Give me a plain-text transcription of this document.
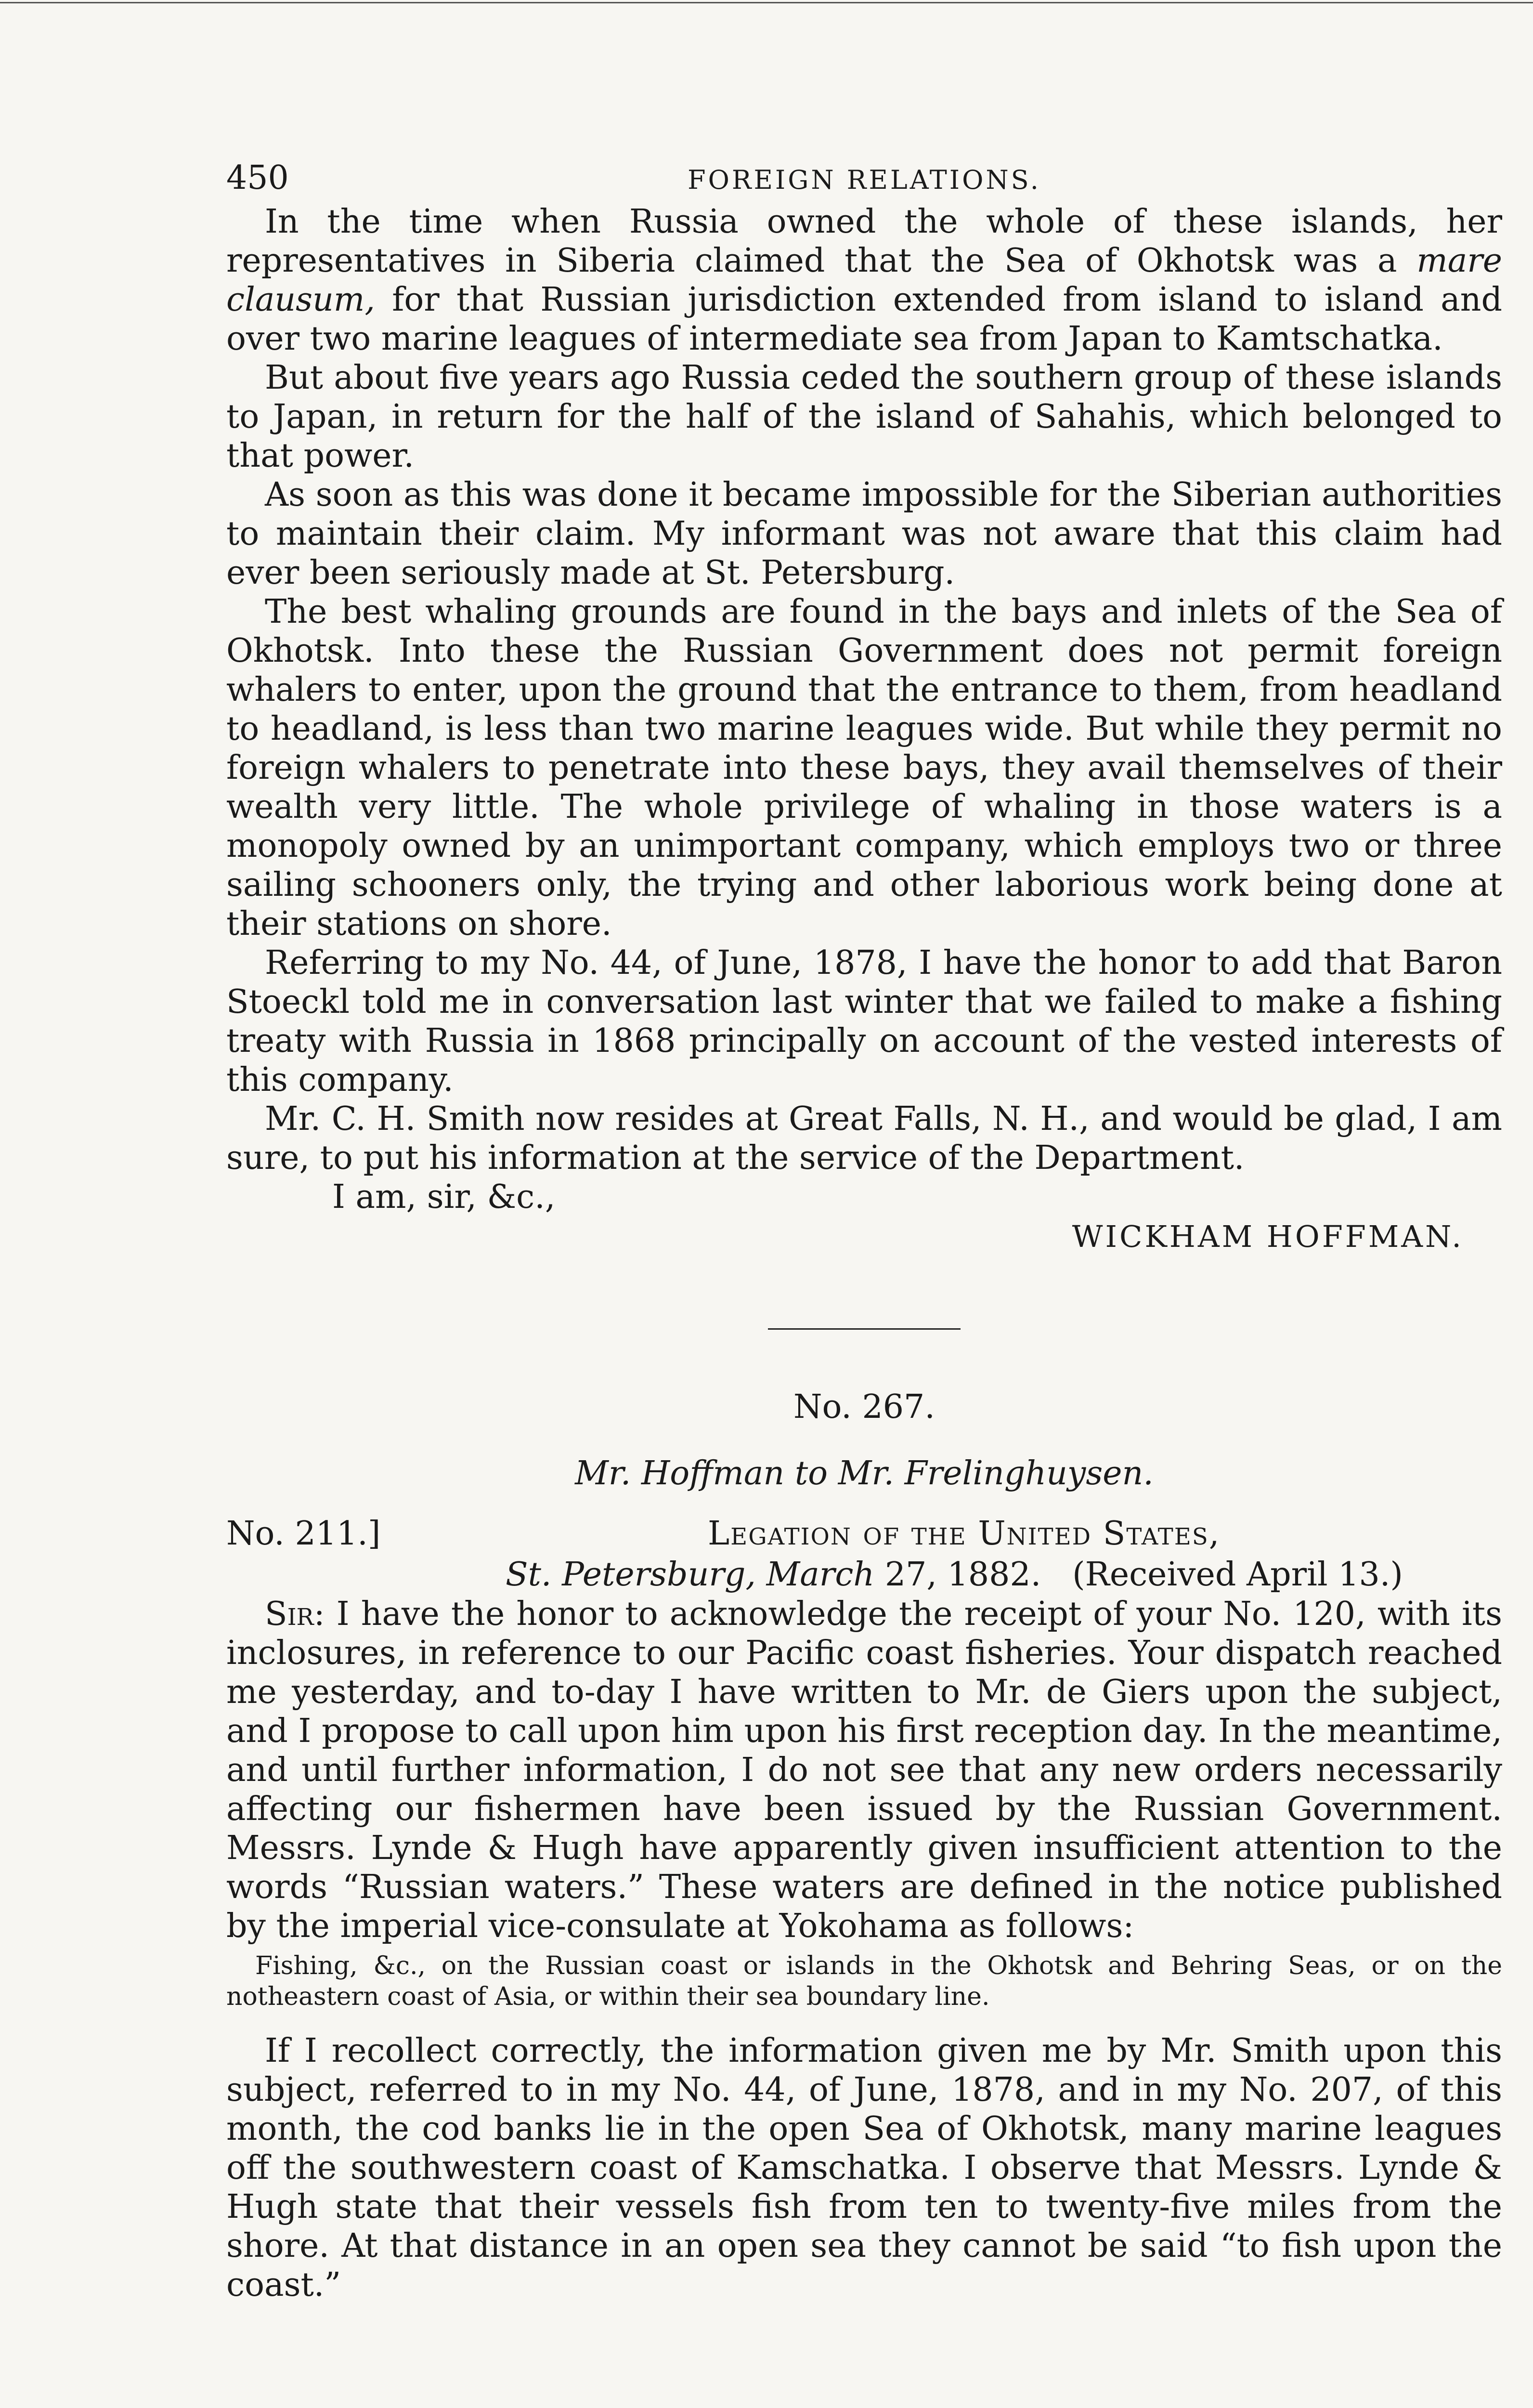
450	FOREIGN RELATIONS.

In the time when Russia owned the whole of these islands, her representatives in Siberia claimed that the Sea of Okhotsk was a mare clausum, for that Russian jurisdiction extended from island to island and over two marine leagues of intermediate sea from Japan to Kamtschatka.

But about five years ago Russia ceded the southern group of these islands to Japan, in return for the half of the island of Sahahis, which belonged to that power.

As soon as this was done it became impossible for the Siberian authorities to maintain their claim. My informant was not aware that this claim had ever been seriously made at St. Petersburg.

The best whaling grounds are found in the bays and inlets of the Sea of Okhotsk. Into these the Russian Government does not permit foreign whalers to enter, upon the ground that the entrance to them, from headland to headland, is less than two marine leagues wide. But while they permit no foreign whalers to penetrate into these bays, they avail themselves of their wealth very little. The whole privilege of whaling in those waters is a monopoly owned by an unimportant company, which employs two or three sailing schooners only, the trying and other laborious work being done at their stations on shore.

Referring to my No. 44, of June, 1878, I have the honor to add that Baron Stoeckl told me in conversation last winter that we failed to make a fishing treaty with Russia in 1868 principally on account of the vested interests of this company.

Mr. C. H. Smith now resides at Great Falls, N. H., and would be glad, I am sure, to put his information at the service of the Department.

I am, sir, &c.,

WICKHAM HOFFMAN.
No. 267.
Mr. Hoffman to Mr. Frelinghuysen.
No. 211.]	Legation of the United States,
St. Petersburg, March 27, 1882. (Received April 13.)

Sir: I have the honor to acknowledge the receipt of your No. 120, with its inclosures, in reference to our Pacific coast fisheries. Your dispatch reached me yesterday, and to-day I have written to Mr. de Giers upon the subject, and I propose to call upon him upon his first reception day. In the meantime, and until further information, I do not see that any new orders necessarily affecting our fishermen have been issued by the Russian Government. Messrs. Lynde & Hugh have apparently given insufficient attention to the words “Russian waters.” These waters are defined in the notice published by the imperial vice-consulate at Yokohama as follows:

Fishing, &c., on the Russian coast or islands in the Okhotsk and Behring Seas, or on the notheastern coast of Asia, or within their sea boundary line.

If I recollect correctly, the information given me by Mr. Smith upon this subject, referred to in my No. 44, of June, 1878, and in my No. 207, of this month, the cod banks lie in the open Sea of Okhotsk, many marine leagues off the southwestern coast of Kamschatka. I observe that Messrs. Lynde & Hugh state that their vessels fish from ten to twenty-five miles from the shore. At that distance in an open sea they cannot be said “to fish upon the coast.”
